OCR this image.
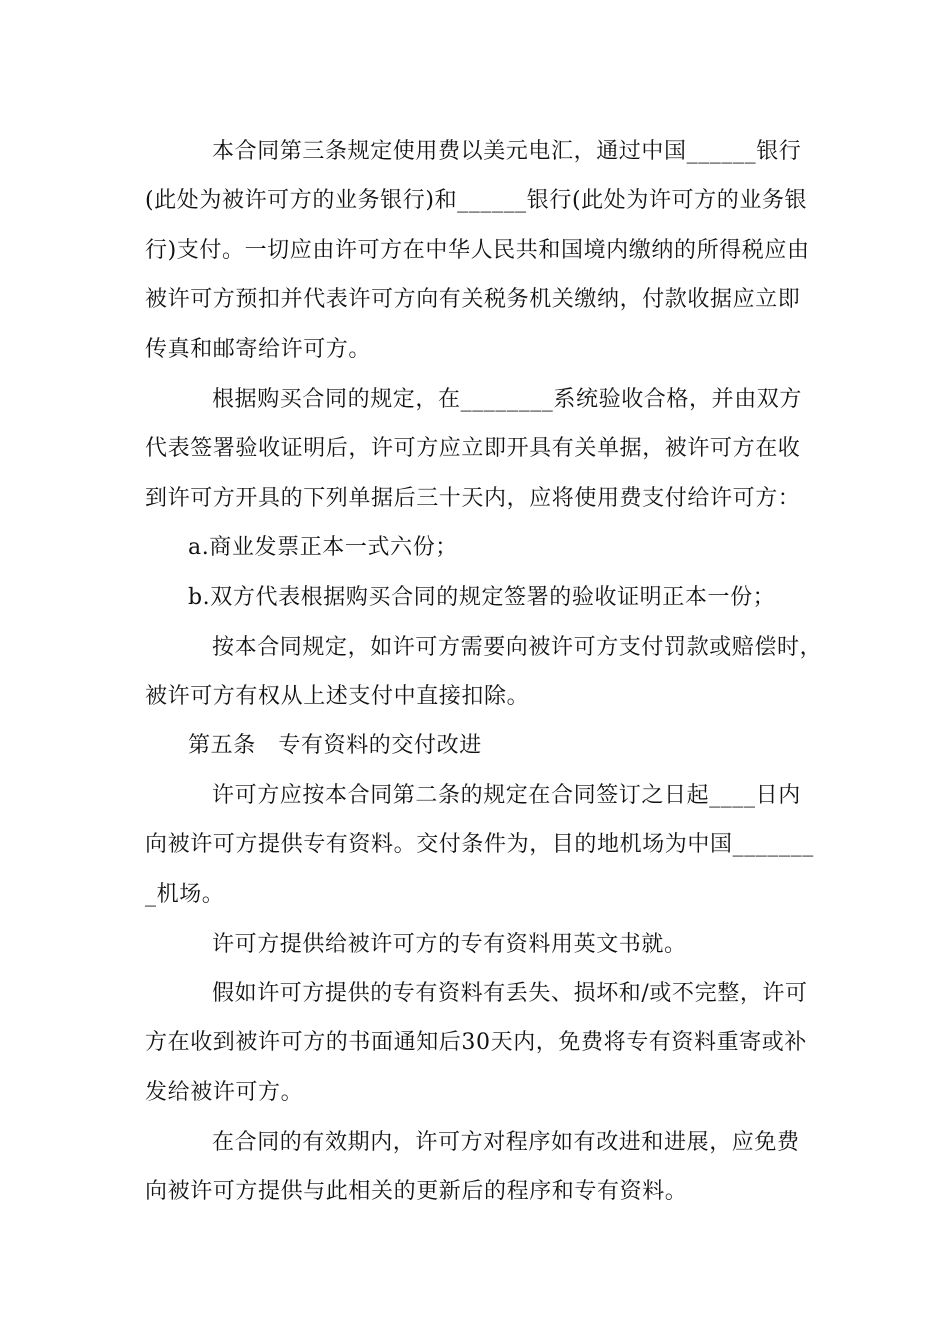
本合同第三条规定使用费以美元电汇，通过中国______银行
(此处为被许可方的业务银行)和______银行(此处为许可方的业务银
行)支付。一切应由许可方在中华人民共和国境内缴纳的所得税应由
被许可方预扣并代表许可方向有关税务机关缴纳，付款收据应立即
传真和邮寄给许可方。
根据购买合同的规定，在________系统验收合格，并由双方
代表签署验收证明后，许可方应立即开具有关单据，被许可方在收
到许可方开具的下列单据后三十天内，应将使用费支付给许可方：
a.商业发票正本一式六份；
b.双方代表根据购买合同的规定签署的验收证明正本一份；
按本合同规定，如许可方需要向被许可方支付罚款或赔偿时，
被许可方有权从上述支付中直接扣除。
第五条　专有资料的交付改进
许可方应按本合同第二条的规定在合同签订之日起____日内
向被许可方提供专有资料。交付条件为，目的地机场为中国_______
_机场。
许可方提供给被许可方的专有资料用英文书就。
假如许可方提供的专有资料有丢失、损坏和/或不完整，许可
方在收到被许可方的书面通知后30天内，免费将专有资料重寄或补
发给被许可方。
在合同的有效期内，许可方对程序如有改进和进展，应免费
向被许可方提供与此相关的更新后的程序和专有资料。
